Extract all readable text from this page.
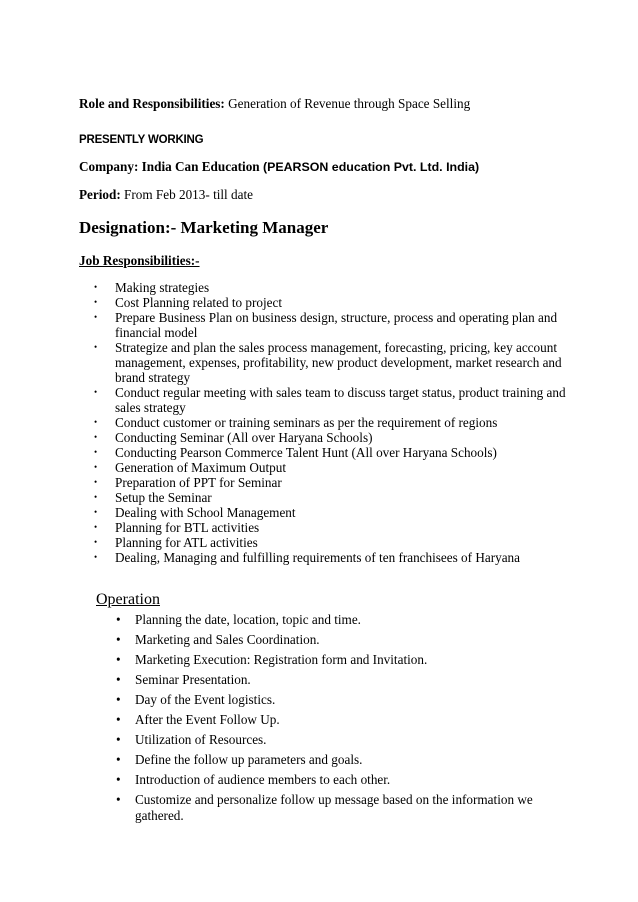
Role and Responsibilities: Generation of Revenue through Space Selling
PRESENTLY WORKING
Company: India Can Education (PEARSON education Pvt. Ltd. India)
Period: From Feb 2013- till date
Designation:- Marketing Manager
Job Responsibilities:-
• Making strategies
• Cost Planning related to project
• Prepare Business Plan on business design, structure, process and operating plan and financial model
• Strategize and plan the sales process management, forecasting, pricing, key account management, expenses, profitability, new product development, market research and brand strategy
• Conduct regular meeting with sales team to discuss target status, product training and sales strategy
• Conduct customer or training seminars as per the requirement of regions
• Conducting Seminar (All over Haryana Schools)
• Conducting Pearson Commerce Talent Hunt (All over Haryana Schools)
• Generation of Maximum Output
• Preparation of PPT for Seminar
• Setup the Seminar
• Dealing with School Management
• Planning for BTL activities
• Planning for ATL activities
• Dealing, Managing and fulfilling requirements of ten franchisees of Haryana
Operation
• Planning the date, location, topic and time.
• Marketing and Sales Coordination.
• Marketing Execution: Registration form and Invitation.
• Seminar Presentation.
• Day of the Event logistics.
• After the Event Follow Up.
• Utilization of Resources.
• Define the follow up parameters and goals.
• Introduction of audience members to each other.
• Customize and personalize follow up message based on the information we gathered.
